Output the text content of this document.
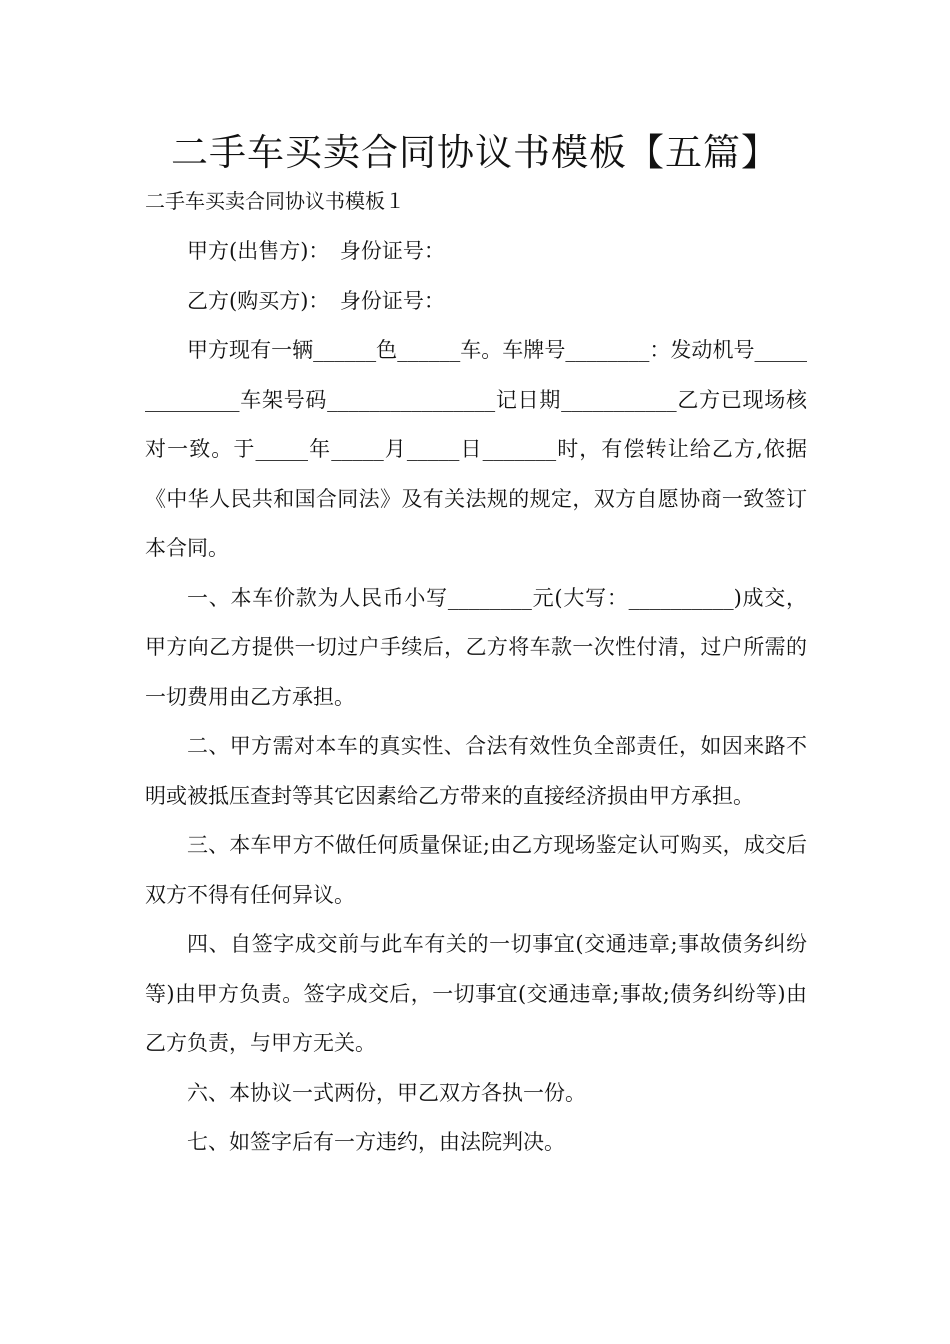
二手车买卖合同协议书模板【五篇】
二手车买卖合同协议书模板１

甲方(出售方)：　身份证号：

乙方(购买方)：　身份证号：

甲方现有一辆______色______车。车牌号________：发动机号______________车架号码________________记日期___________乙方已现场核对一致。于_____年_____月_____日_______时，有偿转让给乙方,依据《中华人民共和国合同法》及有关法规的规定，双方自愿协商一致签订本合同。

一、本车价款为人民币小写________元(大写：__________)成交，甲方向乙方提供一切过户手续后，乙方将车款一次性付清，过户所需的一切费用由乙方承担。

二、甲方需对本车的真实性、合法有效性负全部责任，如因来路不明或被抵压查封等其它因素给乙方带来的直接经济损由甲方承担。

三、本车甲方不做任何质量保证;由乙方现场鉴定认可购买，成交后双方不得有任何异议。

四、自签字成交前与此车有关的一切事宜(交通违章;事故债务纠纷等)由甲方负责。签字成交后，一切事宜(交通违章;事故;债务纠纷等)由乙方负责，与甲方无关。

六、本协议一式两份，甲乙双方各执一份。

七、如签字后有一方违约，由法院判决。
